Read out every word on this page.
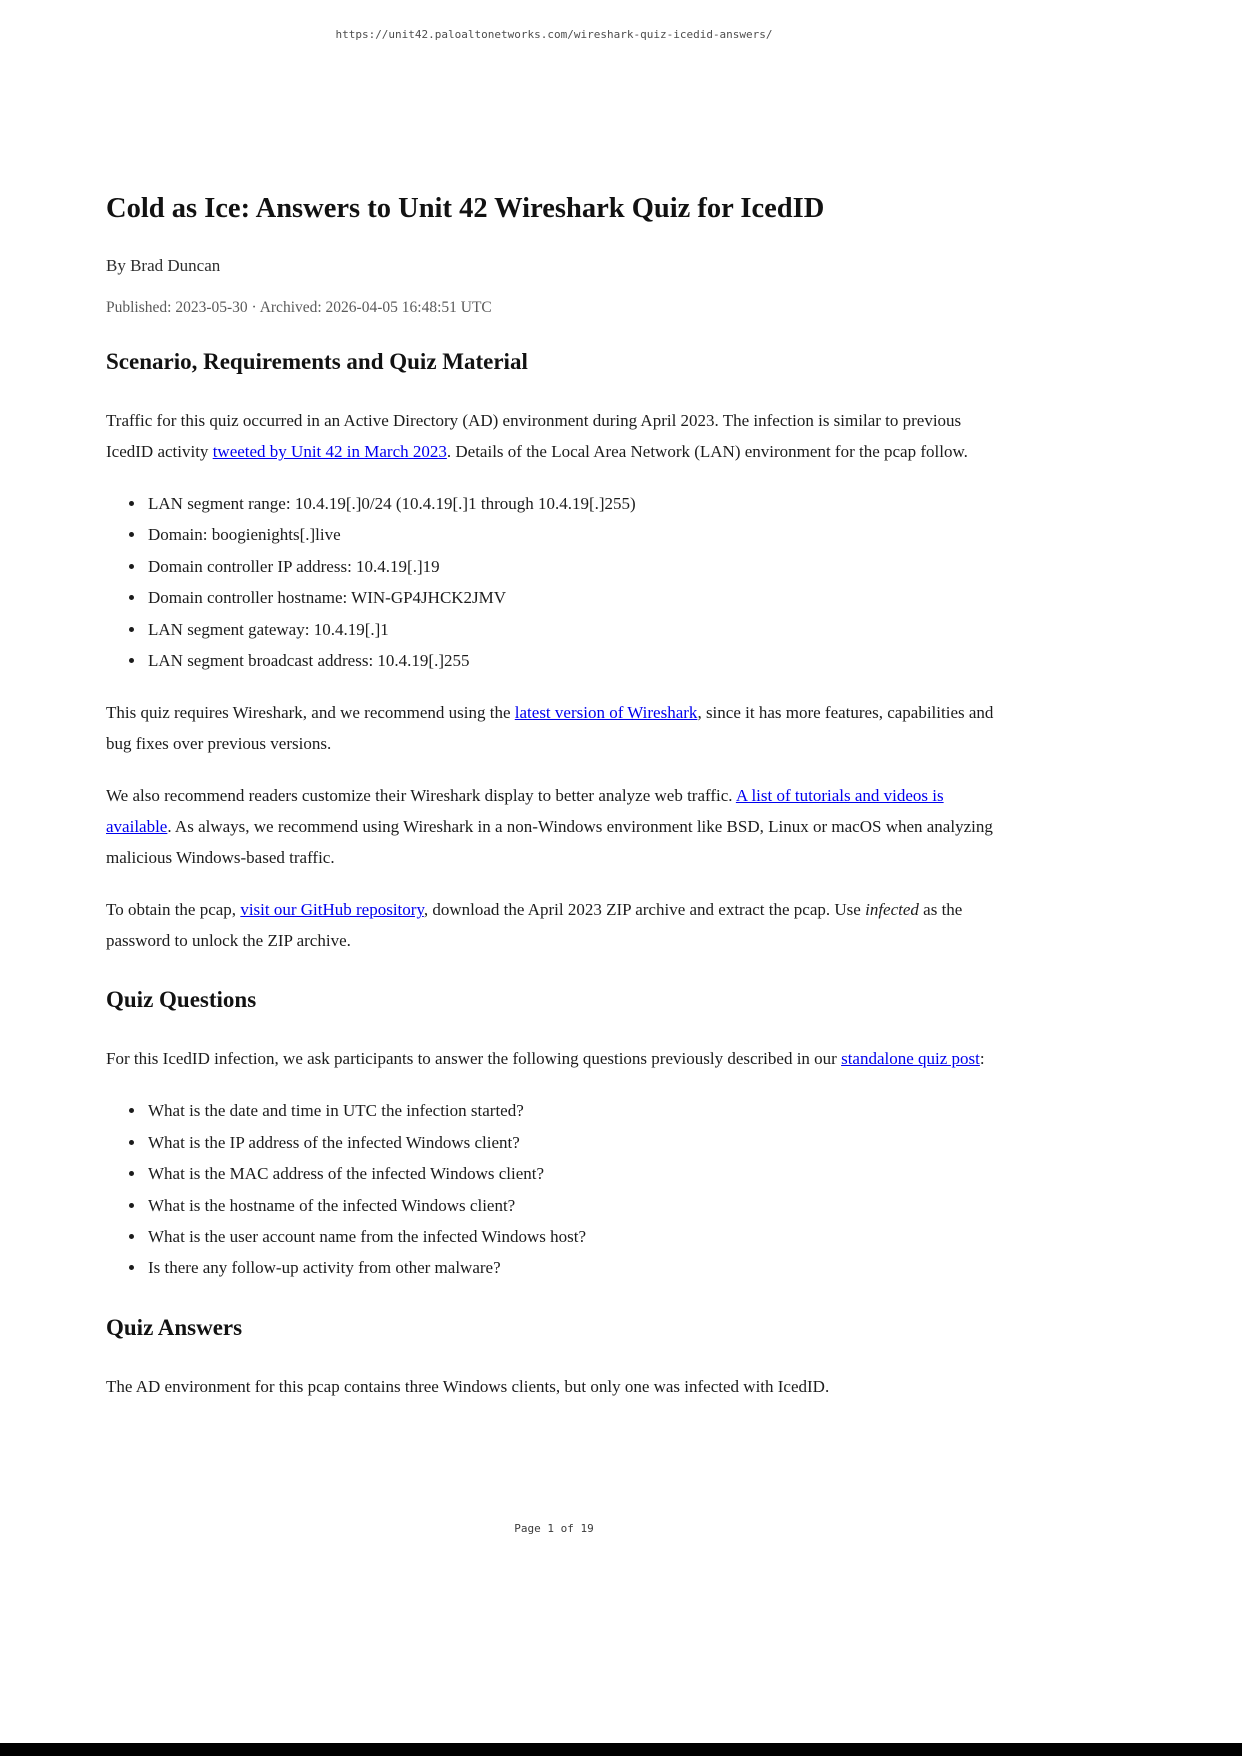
https://unit42.paloaltonetworks.com/wireshark-quiz-icedid-answers/
Cold as Ice: Answers to Unit 42 Wireshark Quiz for IcedID

By Brad Duncan

Published: 2023-05-30 · Archived: 2026-04-05 16:48:51 UTC

Scenario, Requirements and Quiz Material

Traffic for this quiz occurred in an Active Directory (AD) environment during April 2023. The infection is similar to previous IcedID activity tweeted by Unit 42 in March 2023. Details of the Local Area Network (LAN) environment for the pcap follow.

• LAN segment range: 10.4.19[.]0/24 (10.4.19[.]1 through 10.4.19[.]255)
• Domain: boogienights[.]live
• Domain controller IP address: 10.4.19[.]19
• Domain controller hostname: WIN-GP4JHCK2JMV
• LAN segment gateway: 10.4.19[.]1
• LAN segment broadcast address: 10.4.19[.]255

This quiz requires Wireshark, and we recommend using the latest version of Wireshark, since it has more features, capabilities and bug fixes over previous versions.

We also recommend readers customize their Wireshark display to better analyze web traffic. A list of tutorials and videos is available. As always, we recommend using Wireshark in a non-Windows environment like BSD, Linux or macOS when analyzing malicious Windows-based traffic.

To obtain the pcap, visit our GitHub repository, download the April 2023 ZIP archive and extract the pcap. Use infected as the password to unlock the ZIP archive.

Quiz Questions

For this IcedID infection, we ask participants to answer the following questions previously described in our standalone quiz post:

• What is the date and time in UTC the infection started?
• What is the IP address of the infected Windows client?
• What is the MAC address of the infected Windows client?
• What is the hostname of the infected Windows client?
• What is the user account name from the infected Windows host?
• Is there any follow-up activity from other malware?
Quiz Answers

The AD environment for this pcap contains three Windows clients, but only one was infected with IcedID.

Page 1 of 19
